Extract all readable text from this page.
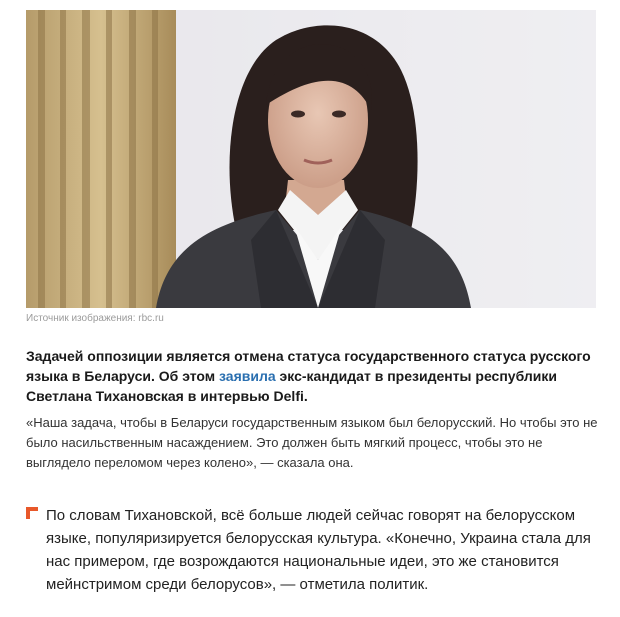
Источник изображения: rbc.ru
Задачей оппозиции является отмена статуса государственного статуса русского языка в Беларуси. Об этом заявила экс-кандидат в президенты республики Светлана Тихановская в интервью Delfi.
«Наша задача, чтобы в Беларуси государственным языком был белорусский. Но чтобы это не было насильственным насаждением. Это должен быть мягкий процесс, чтобы это не выглядело переломом через колено», — сказала она.
По словам Тихановской, всё больше людей сейчас говорят на белорусском языке, популяризируется белорусская культура. «Конечно, Украина стала для нас примером, где возрождаются национальные идеи, это же становится мейнстримом среди белорусов», — отметила политик.
